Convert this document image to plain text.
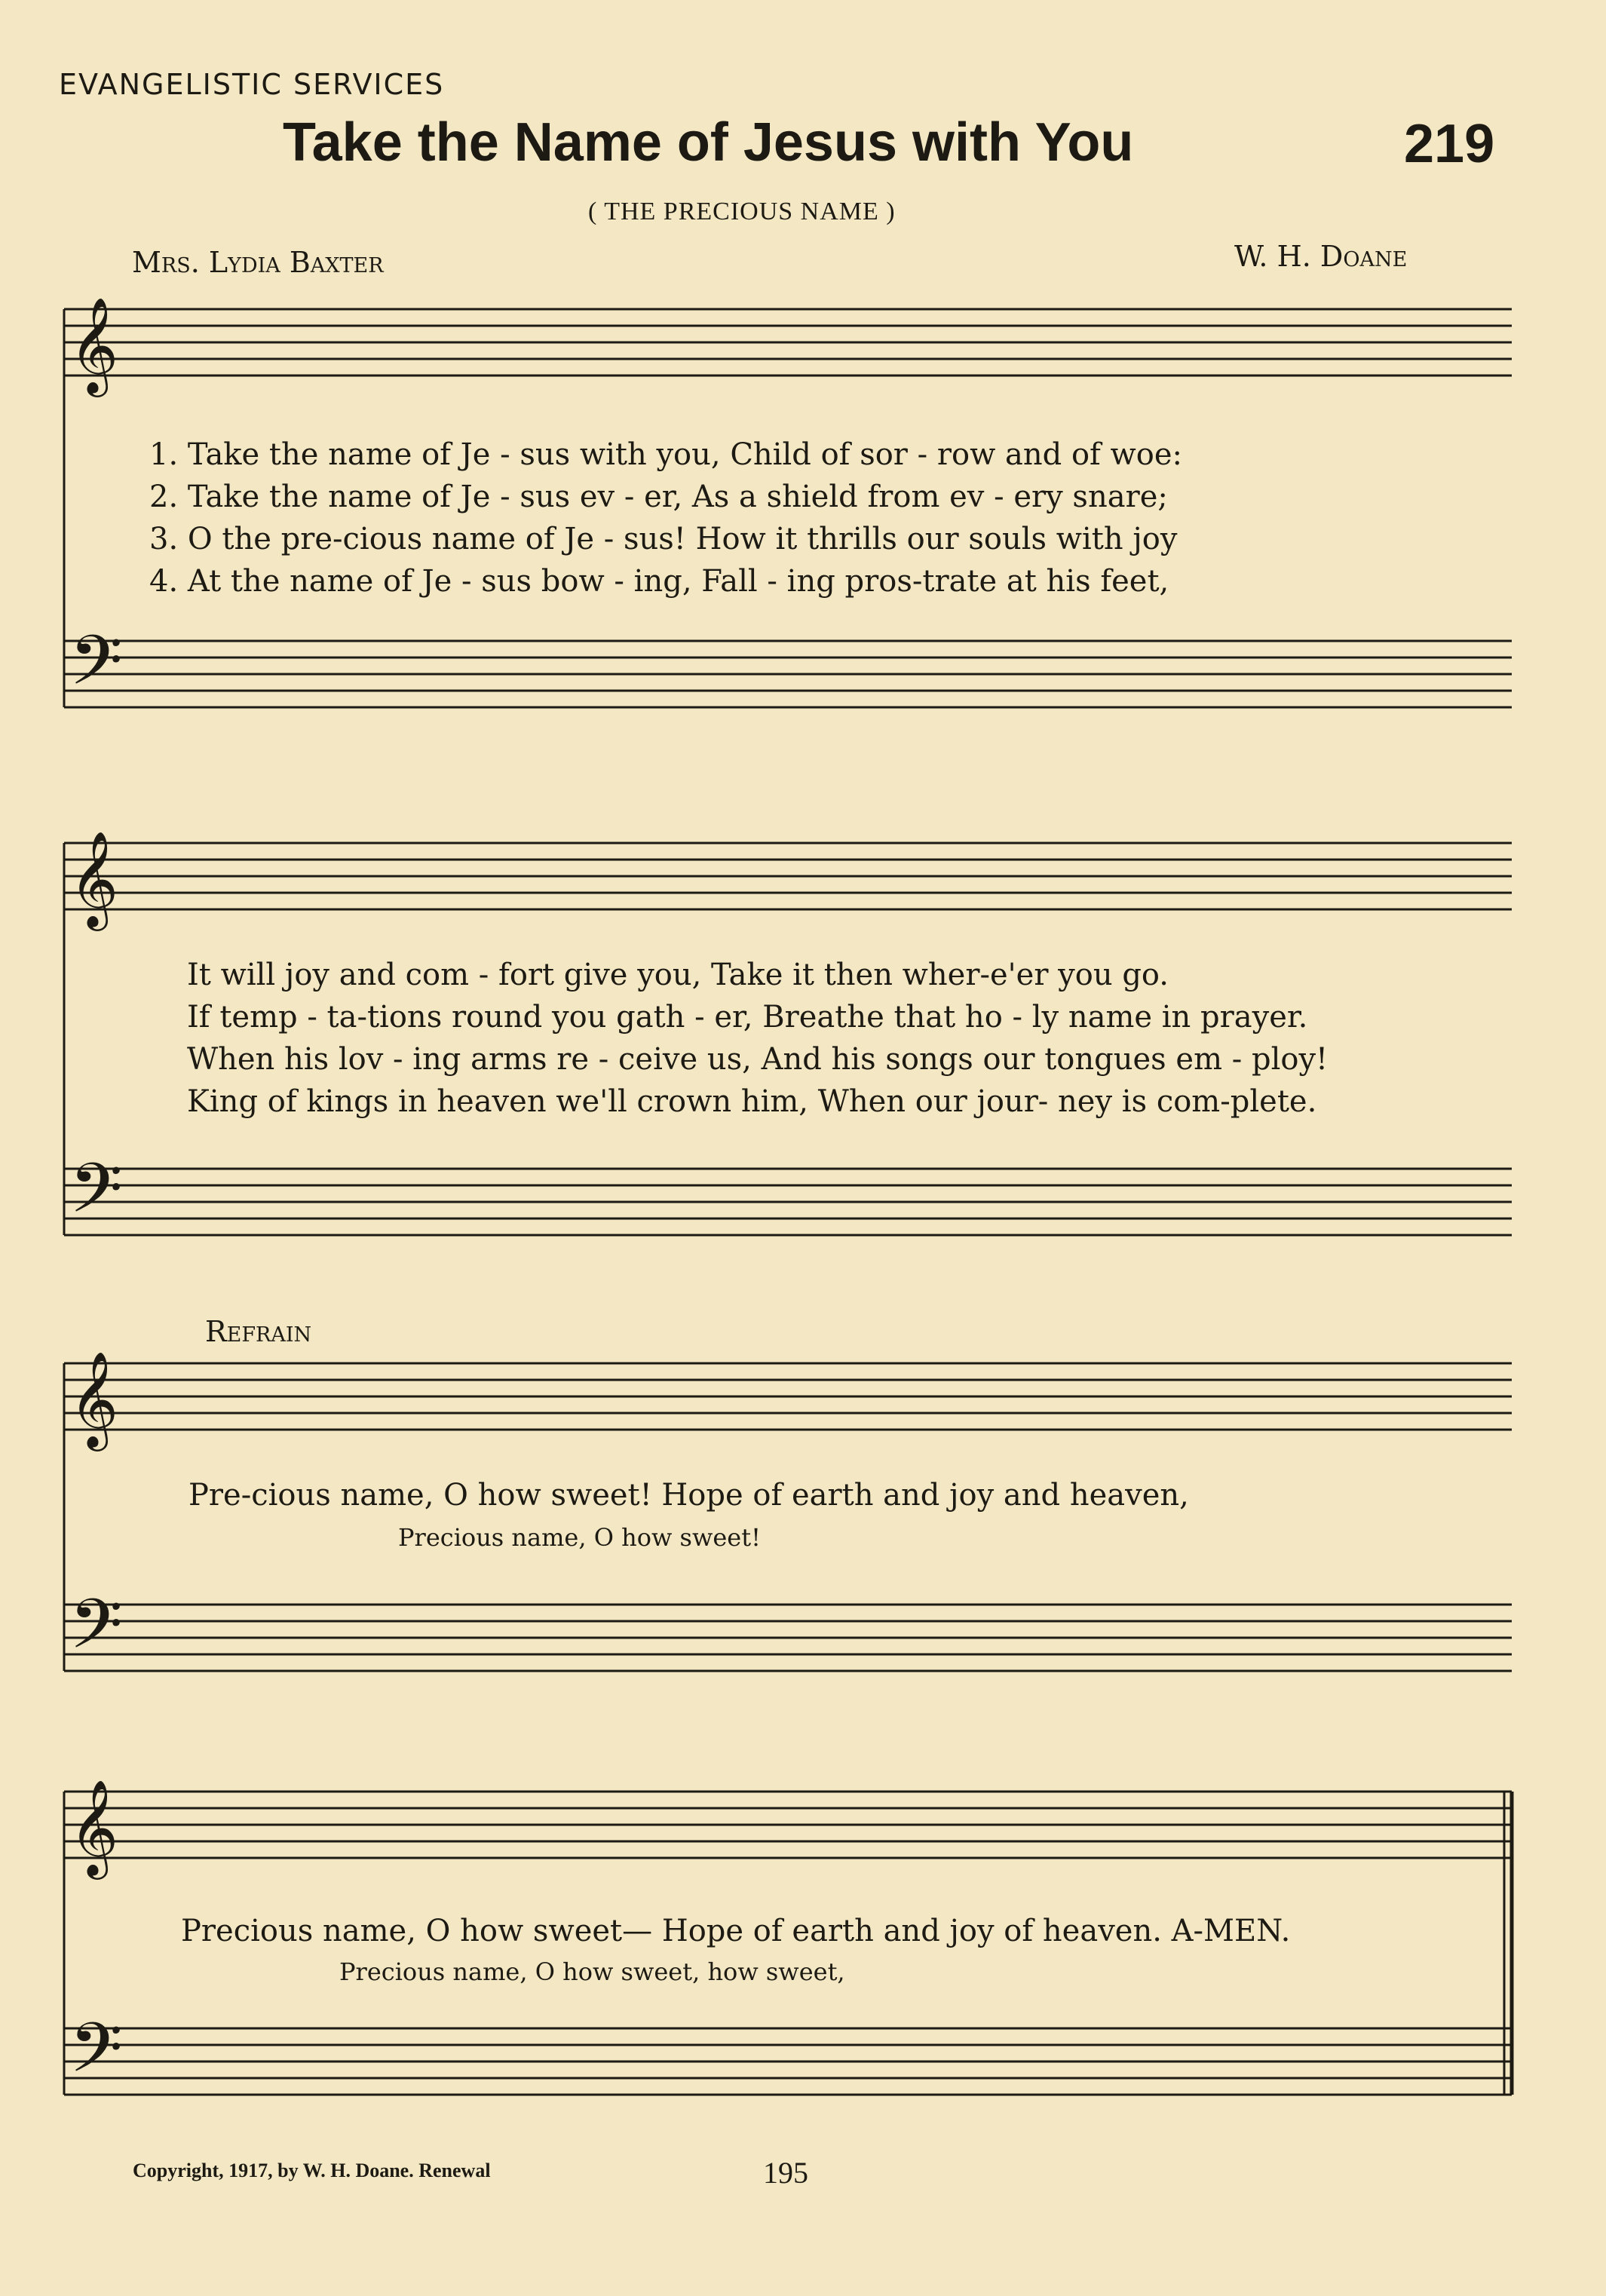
EVANGELISTIC SERVICES
Take the Name of Jesus with You	219
( THE PRECIOUS NAME )
Mrs. Lydia Baxter	W. H. Doane
𝄞
𝄢
𝄞
𝄢
𝄞
𝄢
𝄞
𝄢
1. Take the name of Je - sus with you, Child of sor - row and of woe:
2. Take the name of Je - sus ev - er, As a shield from ev - ery snare;
3. O the pre-cious name of Je - sus! How it thrills our souls with joy
4. At the name of Je - sus bow - ing, Fall - ing pros-trate at his feet,
It will joy and com - fort give you, Take it then wher-e'er you go.
If temp - ta-tions round you gath - er, Breathe that ho - ly name in prayer.
When his lov - ing arms re - ceive us, And his songs our tongues em - ploy!
King of kings in heaven we'll crown him, When our jour- ney is com-plete.
Refrain
Pre-cious name, O how sweet! Hope of earth and joy and heaven,
Precious name, O how sweet!
Precious name, O how sweet— Hope of earth and joy of heaven. A-MEN.
Precious name, O how sweet, how sweet,
Copyright, 1917, by W. H. Doane. Renewal	195
